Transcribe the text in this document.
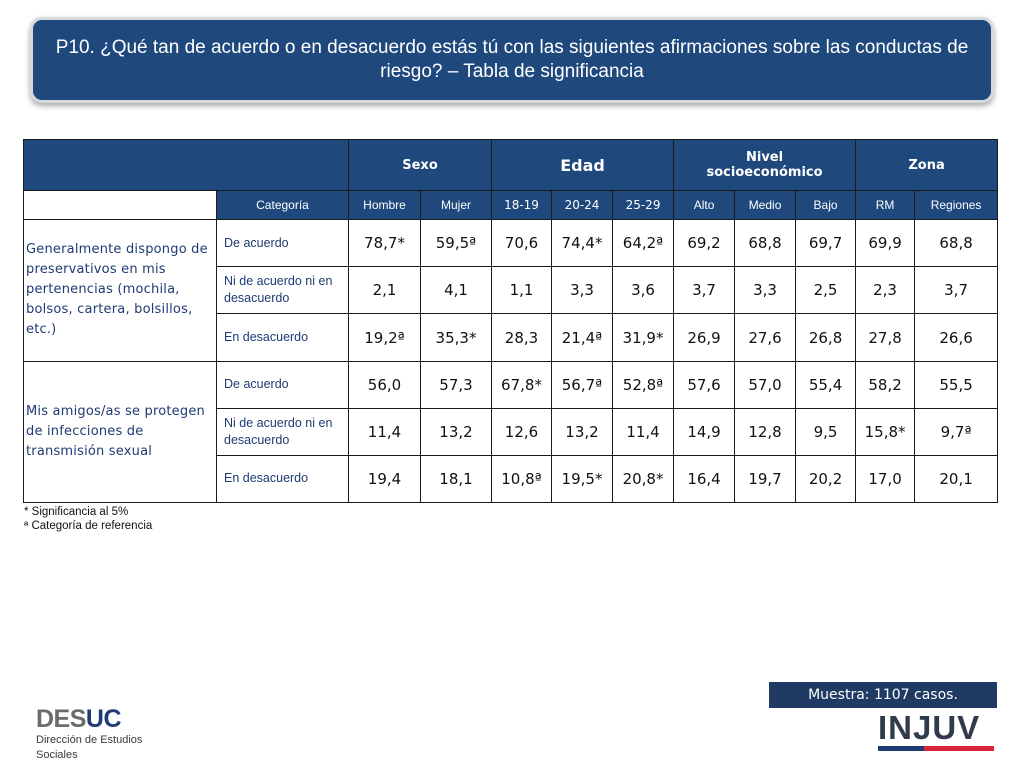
P10. ¿Qué tan de acuerdo o en desacuerdo estás tú con las siguientes afirmaciones sobre las conductas de riesgo? – Tabla de significancia
		Sexo		Edad			Nivel socioeconómico			Zona	
	Categoría	Hombre	Mujer	18-19	20-24	25-29	Alto	Medio	Bajo	RM	Regiones
Generalmente dispongo de preservativos en mis pertenencias (mochila, bolsos, cartera, bolsillos, etc.)	De acuerdo	78,7*	59,5ª	70,6	74,4*	64,2ª	69,2	68,8	69,7	69,9	68,8
	Ni de acuerdo ni en desacuerdo	2,1	4,1	1,1	3,3	3,6	3,7	3,3	2,5	2,3	3,7
	En desacuerdo	19,2ª	35,3*	28,3	21,4ª	31,9*	26,9	27,6	26,8	27,8	26,6
Mis amigos/as se protegen de infecciones de transmisión sexual	De acuerdo	56,0	57,3	67,8*	56,7ª	52,8ª	57,6	57,0	55,4	58,2	55,5
	Ni de acuerdo ni en desacuerdo	11,4	13,2	12,6	13,2	11,4	14,9	12,8	9,5	15,8*	9,7ª
	En desacuerdo	19,4	18,1	10,8ª	19,5*	20,8*	16,4	19,7	20,2	17,0	20,1
* Significancia al 5%
ª Categoría de referencia
Muestra: 1107 casos.
DESUC
Dirección de Estudios
Sociales
INJUV
